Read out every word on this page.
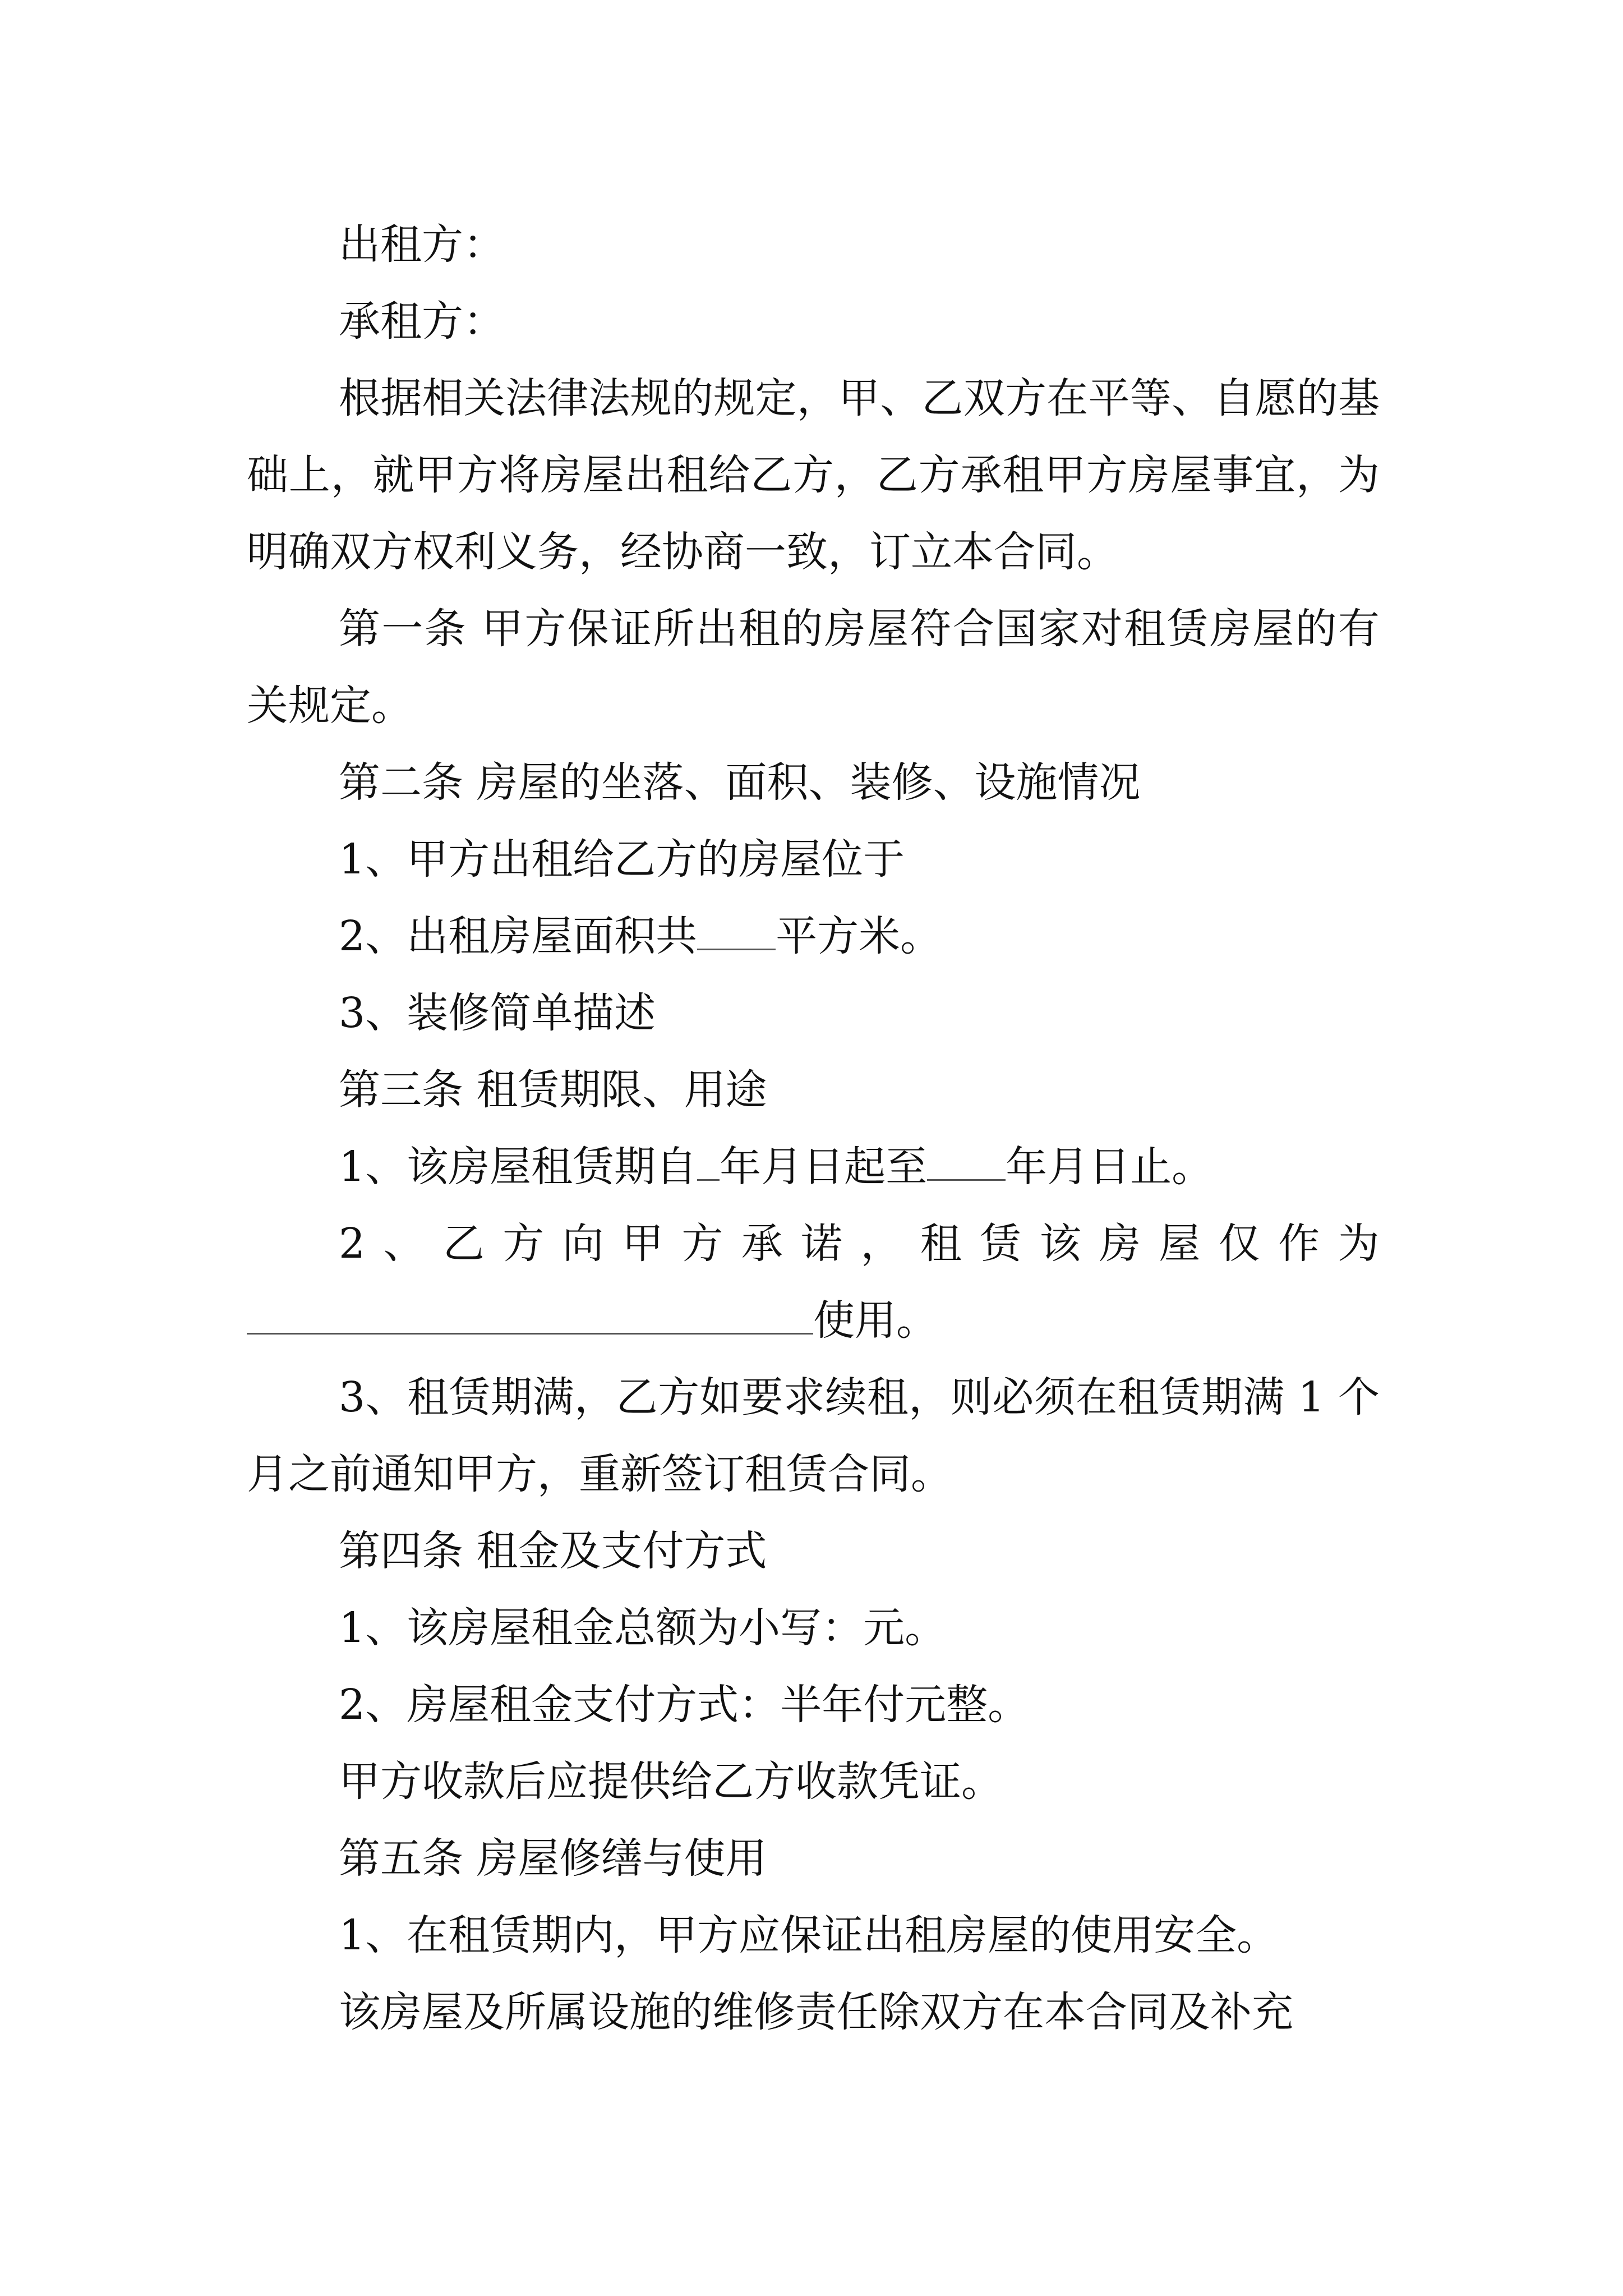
出租方：

承租方：

根据相关法律法规的规定，甲、乙双方在平等、自愿的基础上，就甲方将房屋出租给乙方，乙方承租甲方房屋事宜，为明确双方权利义务，经协商一致，订立本合同。

第一条 甲方保证所出租的房屋符合国家对租赁房屋的有关规定。

第二条 房屋的坐落、面积、装修、设施情况

1、甲方出租给乙方的房屋位于

2、出租房屋面积共 平方米。

3、装修简单描述

第三条 租赁期限、用途

1、该房屋租赁期自 年月日起至 年月日止。

2、乙方向甲方承诺，租赁该房屋仅作为

使用。

3、租赁期满，乙方如要求续租，则必须在租赁期满 1 个月之前通知甲方，重新签订租赁合同。

第四条 租金及支付方式

1、该房屋租金总额为小写：元。

2、房屋租金支付方式：半年付元整。

甲方收款后应提供给乙方收款凭证。

第五条 房屋修缮与使用

1、在租赁期内，甲方应保证出租房屋的使用安全。

该房屋及所属设施的维修责任除双方在本合同及补充
